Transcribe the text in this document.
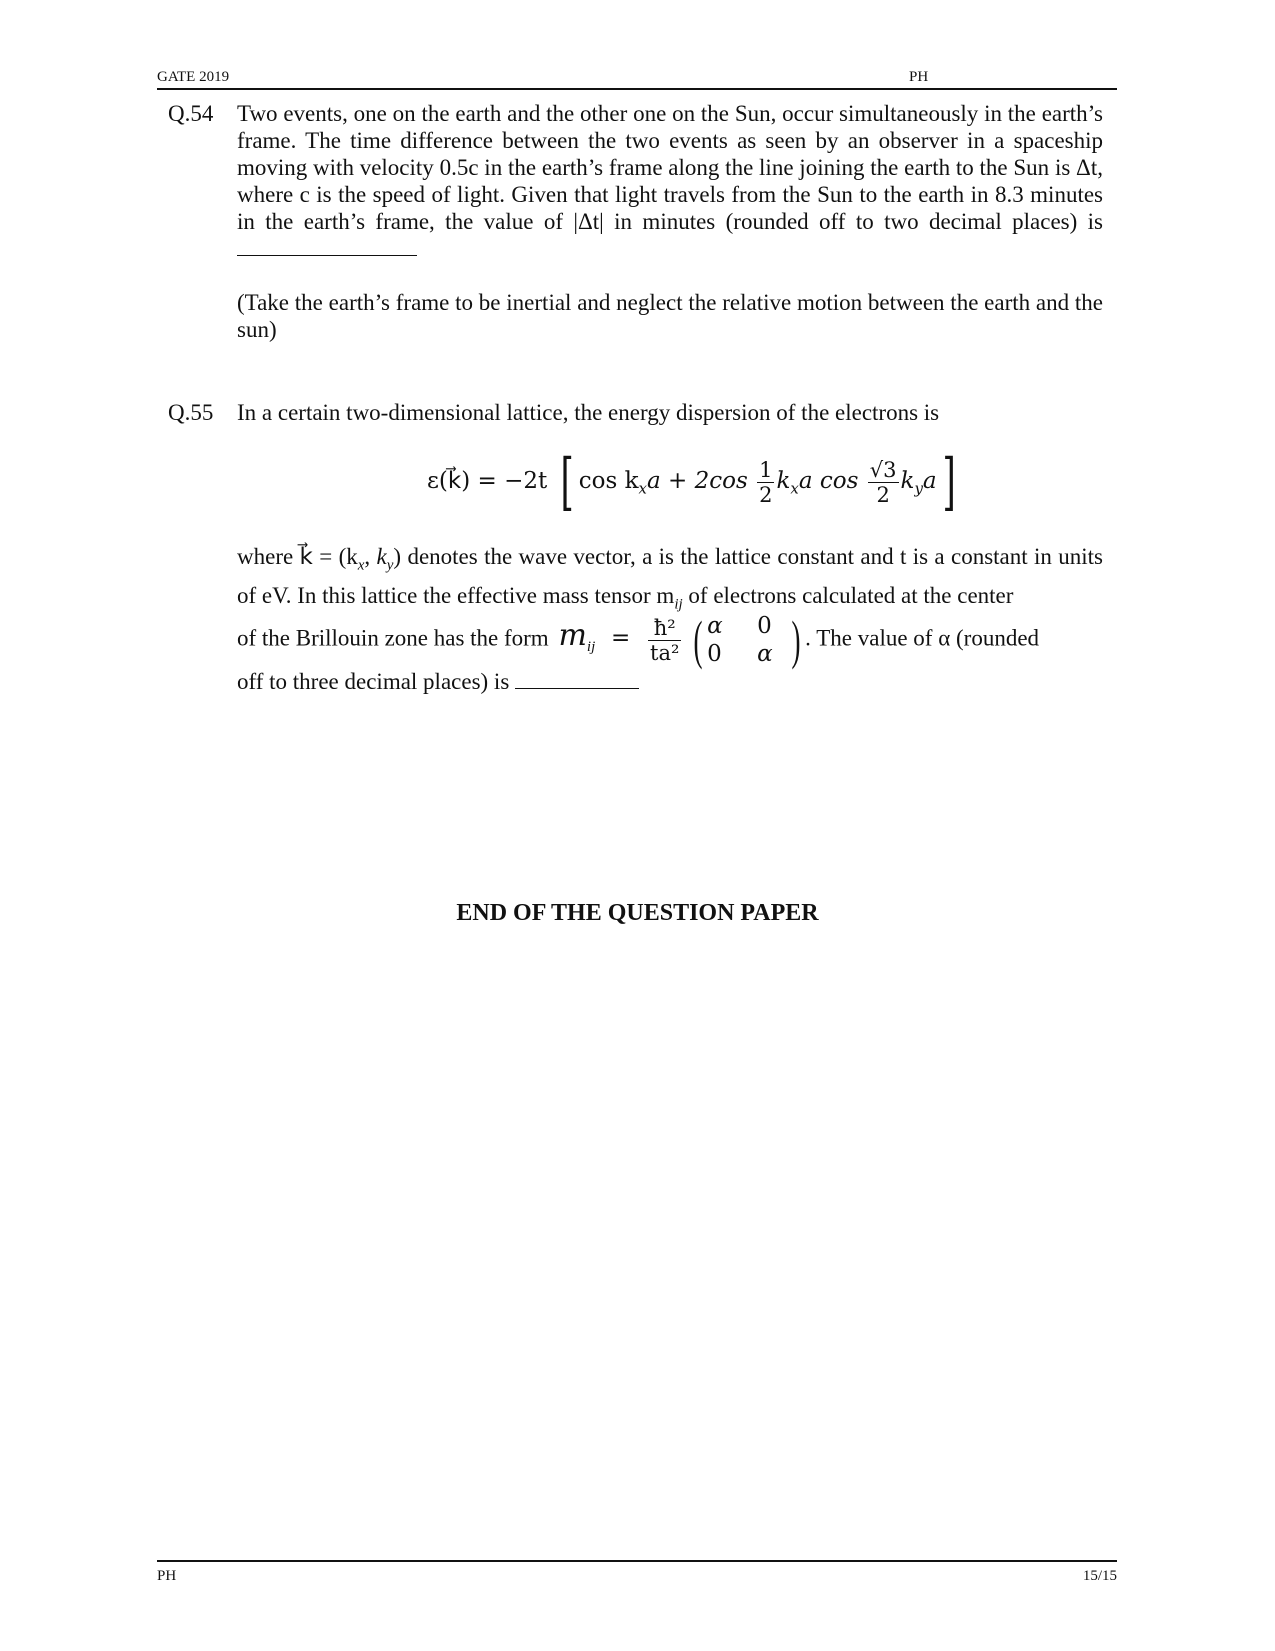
GATE 2019	PH
Q.54 Two events, one on the earth and the other one on the Sun, occur simultaneously in the earth’s frame. The time difference between the two events as seen by an observer in a spaceship moving with velocity 0.5c in the earth’s frame along the line joining the earth to the Sun is Δt, where c is the speed of light. Given that light travels from the Sun to the earth in 8.3 minutes in the earth’s frame, the value of |Δt| in minutes (rounded off to two decimal places) is

(Take the earth’s frame to be inertial and neglect the relative motion between the earth and the sun)

Q.55 In a certain two-dimensional lattice, the energy dispersion of the electrons is
ε(k⃗) = −2t [ $\cos k_xa + 2\cos \frac{1}{2} k_xa$ $\cos \frac{√3}{2} k_ya$]

where k⃗ = ($k_x$, $k_y$) denotes the wave vector, a is the lattice constant and t is a constant in units of eV. In this lattice the effective mass tensor $m_{ij}$ of electrons calculated at the center

of the Brillouin zone has the form $m_{ij} = \frac{\text{ħ²}}{\text{ta²}}$ ( α	0
0	α ) . The value of α (rounded
off to three decimal places) is
END OF THE QUESTION PAPER
PH	15/15
